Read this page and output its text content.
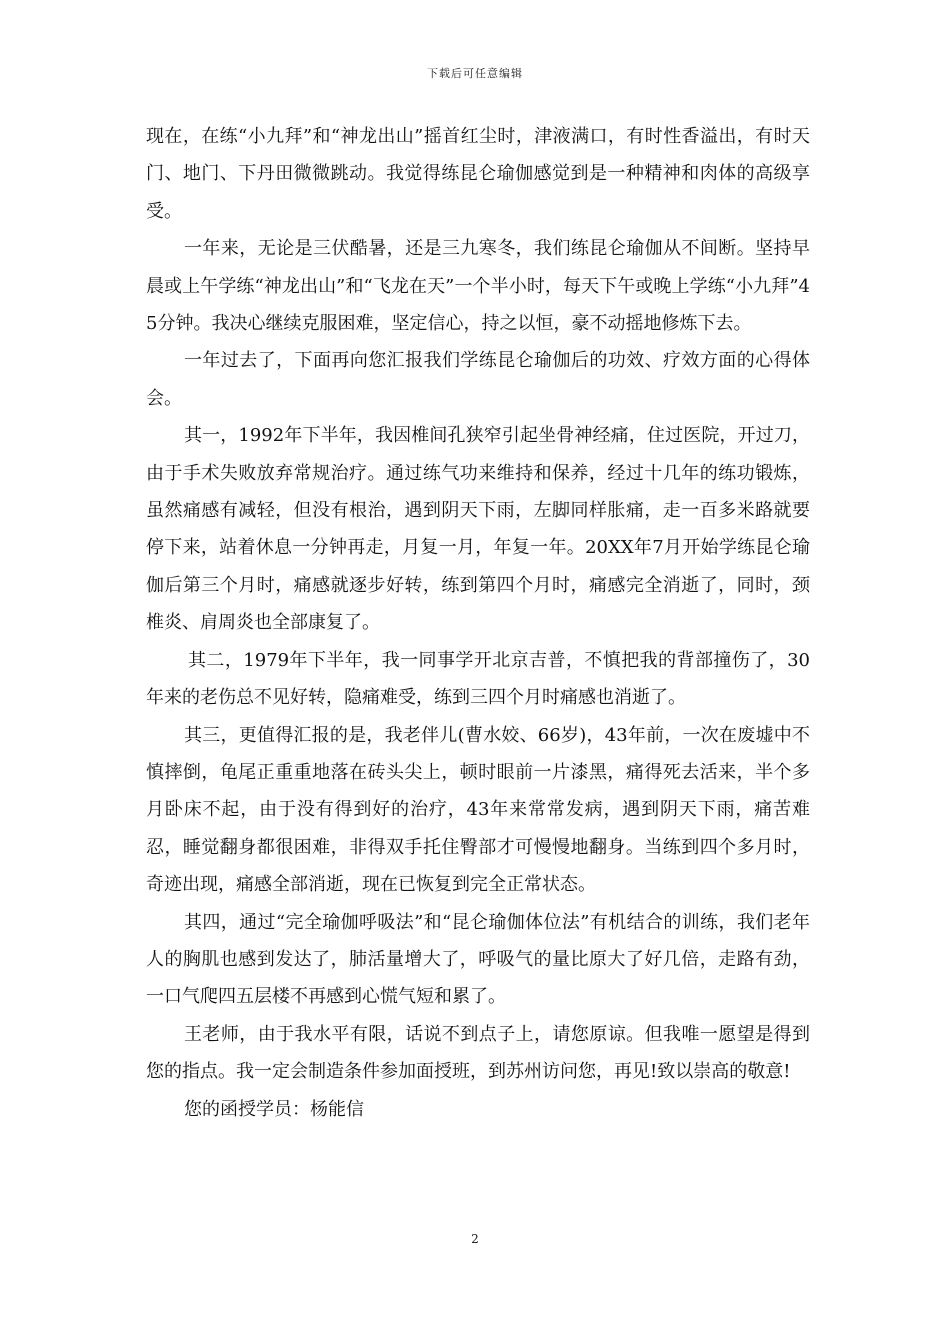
下载后可任意编辑

现在，在练“小九拜”和“神龙出山”摇首红尘时，津液满口，有时性香溢出，有时天门、地门、下丹田微微跳动。我觉得练昆仑瑜伽感觉到是一种精神和肉体的高级享受。

一年来，无论是三伏酷暑，还是三九寒冬，我们练昆仑瑜伽从不间断。坚持早晨或上午学练“神龙出山”和“飞龙在天”一个半小时，每天下午或晚上学练“小九拜”45分钟。我决心继续克服困难，坚定信心，持之以恒，豪不动摇地修炼下去。

一年过去了，下面再向您汇报我们学练昆仑瑜伽后的功效、疗效方面的心得体会。

其一，1992年下半年，我因椎间孔狭窄引起坐骨神经痛，住过医院，开过刀，由于手术失败放弃常规治疗。通过练气功来维持和保养，经过十几年的练功锻炼，虽然痛感有减轻，但没有根治，遇到阴天下雨，左脚同样胀痛，走一百多米路就要停下来，站着休息一分钟再走，月复一月，年复一年。20XX年7月开始学练昆仑瑜伽后第三个月时，痛感就逐步好转，练到第四个月时，痛感完全消逝了，同时，颈椎炎、肩周炎也全部康复了。

其二，1979年下半年，我一同事学开北京吉普，不慎把我的背部撞伤了，30年来的老伤总不见好转，隐痛难受，练到三四个月时痛感也消逝了。

其三，更值得汇报的是，我老伴儿(曹水姣、66岁)，43年前，一次在废墟中不慎摔倒，龟尾正重重地落在砖头尖上，顿时眼前一片漆黑，痛得死去活来，半个多月卧床不起，由于没有得到好的治疗，43年来常常发病，遇到阴天下雨，痛苦难忍，睡觉翻身都很困难，非得双手托住臀部才可慢慢地翻身。当练到四个多月时，奇迹出现，痛感全部消逝，现在已恢复到完全正常状态。

其四，通过“完全瑜伽呼吸法”和“昆仑瑜伽体位法”有机结合的训练，我们老年人的胸肌也感到发达了，肺活量增大了，呼吸气的量比原大了好几倍，走路有劲，一口气爬四五层楼不再感到心慌气短和累了。

王老师，由于我水平有限，话说不到点子上，请您原谅。但我唯一愿望是得到您的指点。我一定会制造条件参加面授班，到苏州访问您，再见!致以崇高的敬意!

您的函授学员：杨能信

2
